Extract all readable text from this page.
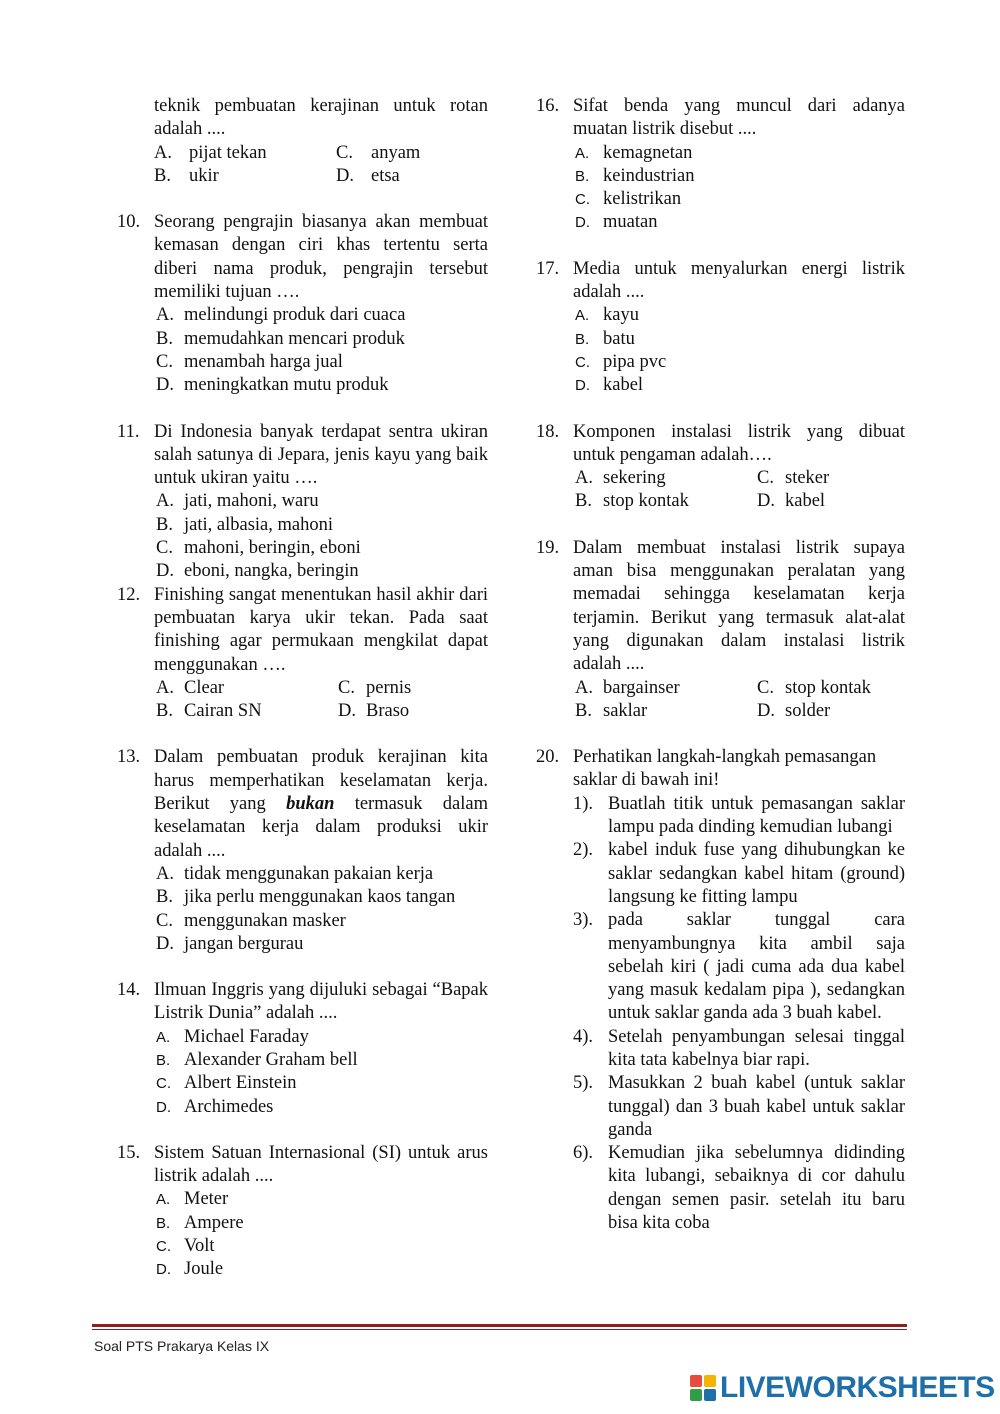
teknik pembuatan kerajinan untuk rotan adalah ....
A. pijat tekan	C. anyam
B. ukir	D. etsa
10. Seorang pengrajin biasanya akan membuat kemasan dengan ciri khas tertentu serta diberi nama produk, pengrajin tersebut memiliki tujuan ….
A. melindungi produk dari cuaca
B. memudahkan mencari produk
C. menambah harga jual
D. meningkatkan mutu produk
11. Di Indonesia banyak terdapat sentra ukiran salah satunya di Jepara, jenis kayu yang baik untuk ukiran yaitu ….
A. jati, mahoni, waru
B. jati, albasia, mahoni
C. mahoni, beringin, eboni
D. eboni, nangka, beringin
12. Finishing sangat menentukan hasil akhir dari pembuatan karya ukir tekan. Pada saat finishing agar permukaan mengkilat dapat menggunakan ….
A. Clear	C. pernis
B. Cairan SN	D. Braso
13. Dalam pembuatan produk kerajinan kita harus memperhatikan keselamatan kerja. Berikut yang bukan termasuk dalam keselamatan kerja dalam produksi ukir adalah ....
A. tidak menggunakan pakaian kerja
B. jika perlu menggunakan kaos tangan
C. menggunakan masker
D. jangan bergurau
14. Ilmuan Inggris yang dijuluki sebagai “Bapak Listrik Dunia” adalah ....
A. Michael Faraday
B. Alexander Graham bell
C. Albert Einstein
D. Archimedes
15. Sistem Satuan Internasional (SI) untuk arus listrik adalah ....
A. Meter
B. Ampere
C. Volt
D. Joule
16. Sifat benda yang muncul dari adanya muatan listrik disebut ....
A. kemagnetan
B. keindustrian
C. kelistrikan
D. muatan
17. Media untuk menyalurkan energi listrik adalah ....
A. kayu
B. batu
C. pipa pvc
D. kabel
18. Komponen instalasi listrik yang dibuat untuk pengaman adalah….
A. sekering	C. steker
B. stop kontak	D. kabel
19. Dalam membuat instalasi listrik supaya aman bisa menggunakan peralatan yang memadai sehingga keselamatan kerja terjamin. Berikut yang termasuk alat-alat yang digunakan dalam instalasi listrik adalah ....
A. bargainser	C. stop kontak
B. saklar	D. solder
20. Perhatikan langkah-langkah pemasangan saklar di bawah ini!
1). Buatlah titik untuk pemasangan saklar lampu pada dinding kemudian lubangi
2). kabel induk fuse yang dihubungkan ke saklar sedangkan kabel hitam (ground) langsung ke fitting lampu
3). pada saklar tunggal cara menyambungnya kita ambil saja sebelah kiri ( jadi cuma ada dua kabel yang masuk kedalam pipa ), sedangkan untuk saklar ganda ada 3 buah kabel.
4). Setelah penyambungan selesai tinggal kita tata kabelnya biar rapi.
5). Masukkan 2 buah kabel (untuk saklar tunggal) dan 3 buah kabel untuk saklar ganda
6). Kemudian jika sebelumnya didinding kita lubangi, sebaiknya di cor dahulu dengan semen pasir. setelah itu baru bisa kita coba
Soal PTS Prakarya Kelas IX
LIVEWORKSHEETS
